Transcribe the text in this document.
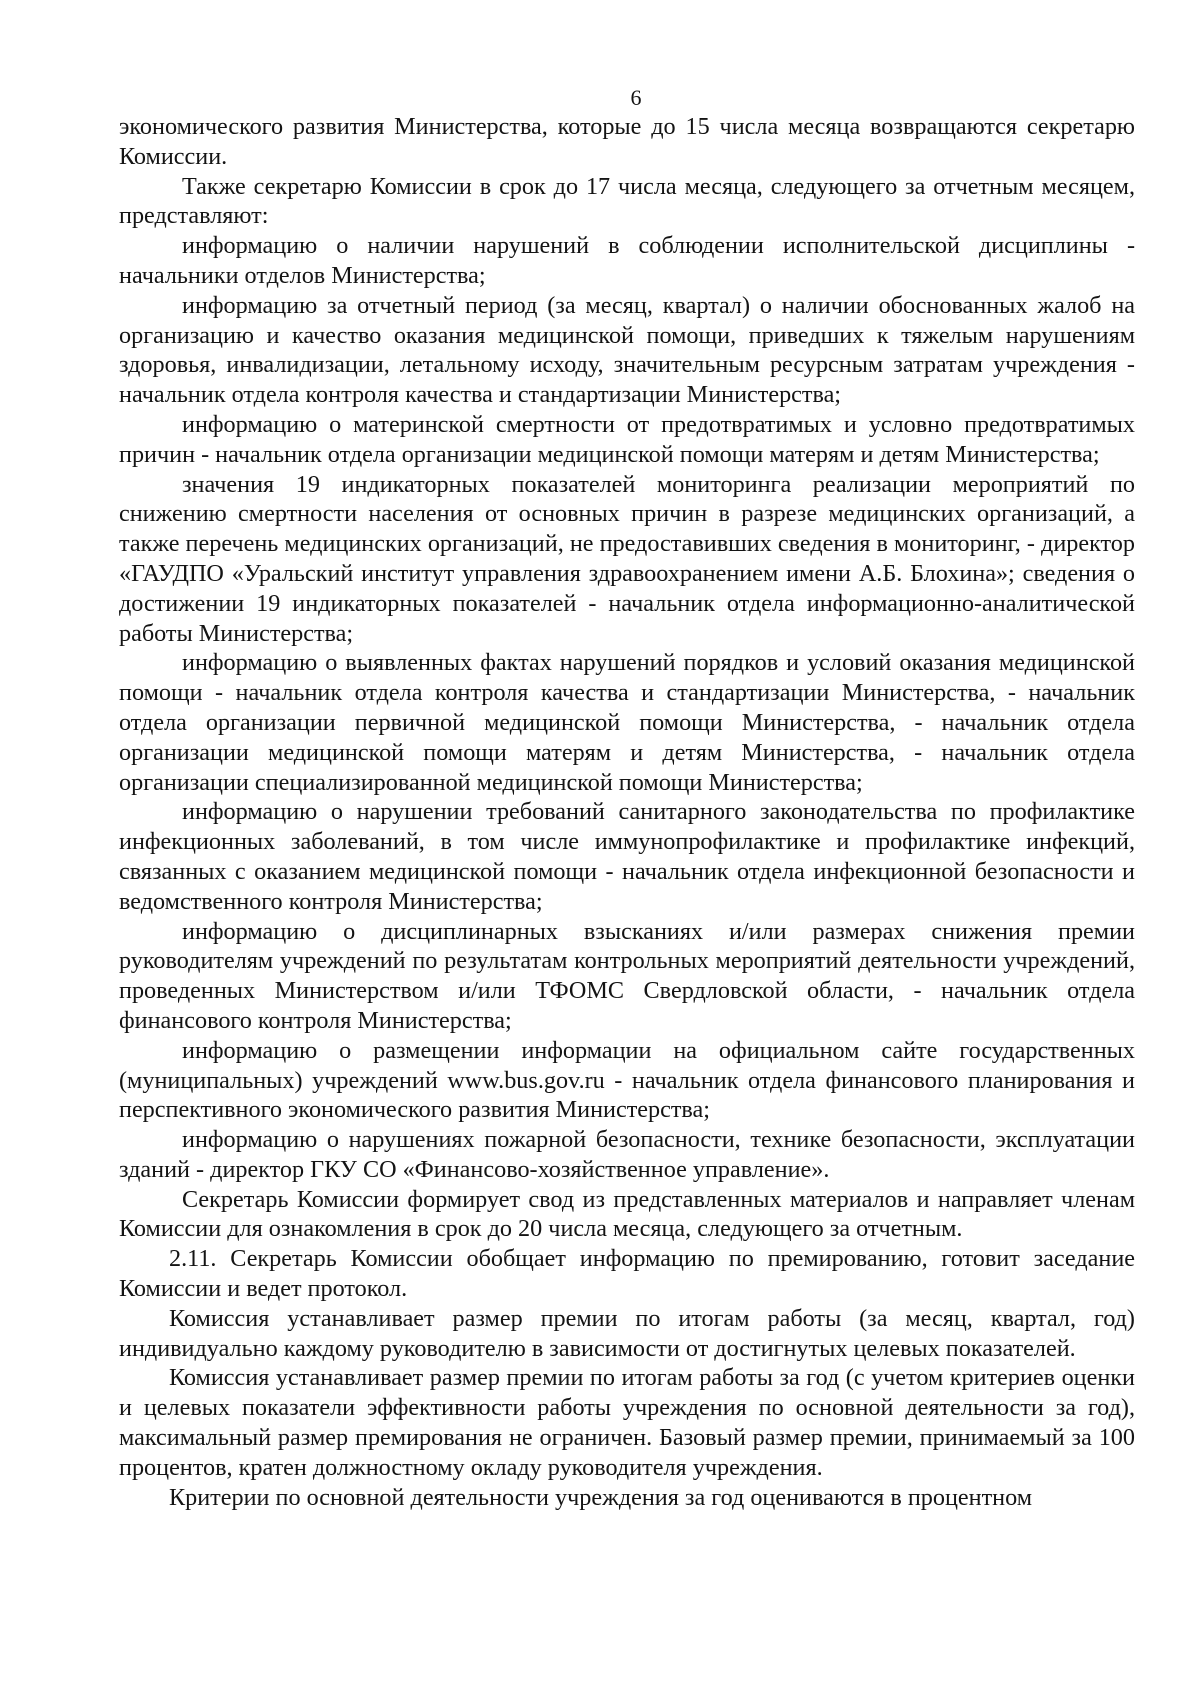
6

экономического развития Министерства, которые до 15 числа месяца возвращаются секретарю Комиссии.

Также секретарю Комиссии в срок до 17 числа месяца, следующего за отчетным месяцем, представляют:

информацию о наличии нарушений в соблюдении исполнительской дисциплины - начальники отделов Министерства;

информацию за отчетный период (за месяц, квартал) о наличии обоснованных жалоб на организацию и качество оказания медицинской помощи, приведших к тяжелым нарушениям здоровья, инвалидизации, летальному исходу, значительным ресурсным затратам учреждения - начальник отдела контроля качества и стандартизации Министерства;

информацию о материнской смертности от предотвратимых и условно предотвратимых причин - начальник отдела организации медицинской помощи матерям и детям Министерства;

значения 19 индикаторных показателей мониторинга реализации мероприятий по снижению смертности населения от основных причин в разрезе медицинских организаций, а также перечень медицинских организаций, не предоставивших сведения в мониторинг, - директор «ГАУДПО «Уральский институт управления здравоохранением имени А.Б. Блохина»; сведения о достижении 19 индикаторных показателей - начальник отдела информационно-аналитической работы Министерства;

информацию о выявленных фактах нарушений порядков и условий оказания медицинской помощи - начальник отдела контроля качества и стандартизации Министерства, - начальник отдела организации первичной медицинской помощи Министерства, - начальник отдела организации медицинской помощи матерям и детям Министерства, - начальник отдела организации специализированной медицинской помощи Министерства;

информацию о нарушении требований санитарного законодательства по профилактике инфекционных заболеваний, в том числе иммунопрофилактике и профилактике инфекций, связанных с оказанием медицинской помощи - начальник отдела инфекционной безопасности и ведомственного контроля Министерства;

информацию о дисциплинарных взысканиях и/или размерах снижения премии руководителям учреждений по результатам контрольных мероприятий деятельности учреждений, проведенных Министерством и/или ТФОМС Свердловской области, - начальник отдела финансового контроля Министерства;

информацию о размещении информации на официальном сайте государственных (муниципальных) учреждений www.bus.gov.ru - начальник отдела финансового планирования и перспективного экономического развития Министерства;

информацию о нарушениях пожарной безопасности, технике безопасности, эксплуатации зданий - директор ГКУ СО «Финансово-хозяйственное управление».

Секретарь Комиссии формирует свод из представленных материалов и направляет членам Комиссии для ознакомления в срок до 20 числа месяца, следующего за отчетным.

2.11. Секретарь Комиссии обобщает информацию по премированию, готовит заседание Комиссии и ведет протокол.

Комиссия устанавливает размер премии по итогам работы (за месяц, квартал, год) индивидуально каждому руководителю в зависимости от достигнутых целевых показателей.

Комиссия устанавливает размер премии по итогам работы за год (с учетом критериев оценки и целевых показатели эффективности работы учреждения по основной деятельности за год), максимальный размер премирования не ограничен. Базовый размер премии, принимаемый за 100 процентов, кратен должностному окладу руководителя учреждения.

Критерии по основной деятельности учреждения за год оцениваются в процентном
